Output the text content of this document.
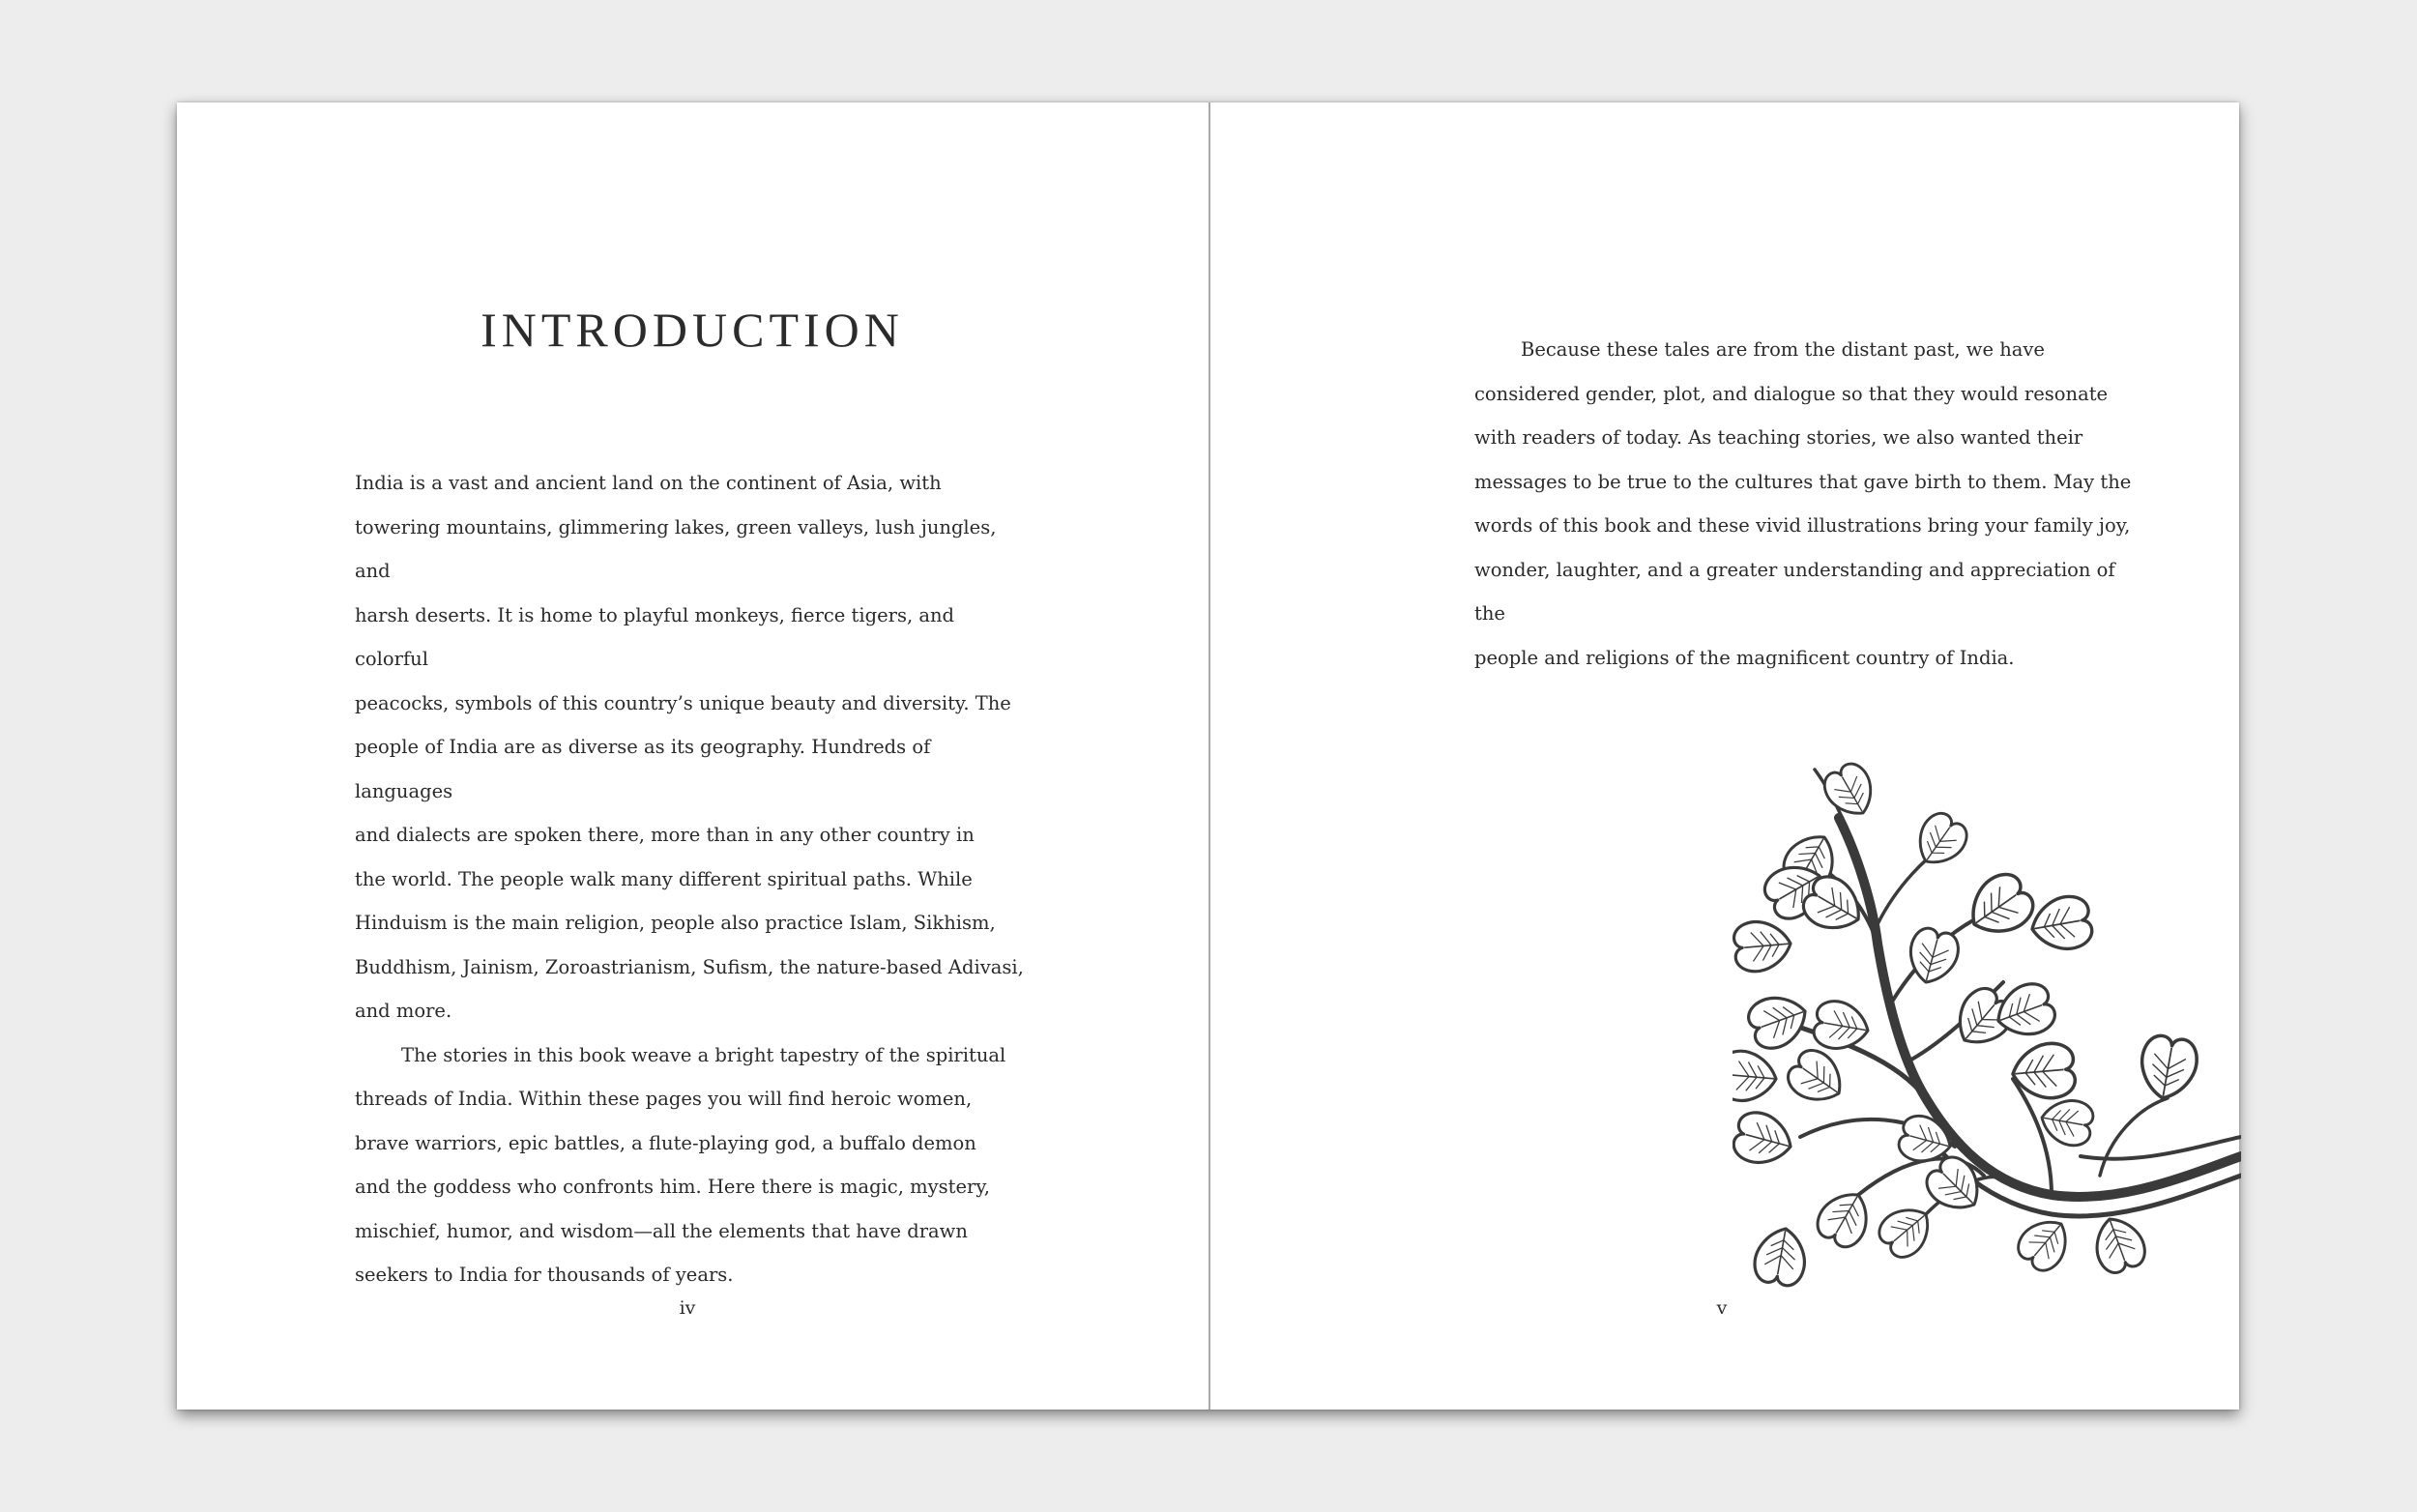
INTRODUCTION

India is a vast and ancient land on the continent of Asia, with

towering mountains, glimmering lakes, green valleys, lush jungles, and

harsh deserts. It is home to playful monkeys, fierce tigers, and colorful

peacocks, symbols of this country’s unique beauty and diversity. The

people of India are as diverse as its geography. Hundreds of languages

and dialects are spoken there, more than in any other country in

the world. The people walk many different spiritual paths. While

Hinduism is the main religion, people also practice Islam, Sikhism,

Buddhism, Jainism, Zoroastrianism, Sufism, the nature-based Adivasi,

and more.

The stories in this book weave a bright tapestry of the spiritual

threads of India. Within these pages you will find heroic women,

brave warriors, epic battles, a flute-playing god, a buffalo demon

and the goddess who confronts him. Here there is magic, mystery,

mischief, humor, and wisdom—all the elements that have drawn

seekers to India for thousands of years.

iv

Because these tales are from the distant past, we have

considered gender, plot, and dialogue so that they would resonate

with readers of today. As teaching stories, we also wanted their

messages to be true to the cultures that gave birth to them. May the

words of this book and these vivid illustrations bring your family joy,

wonder, laughter, and a greater understanding and appreciation of the

people and religions of the magnificent country of India.

v
